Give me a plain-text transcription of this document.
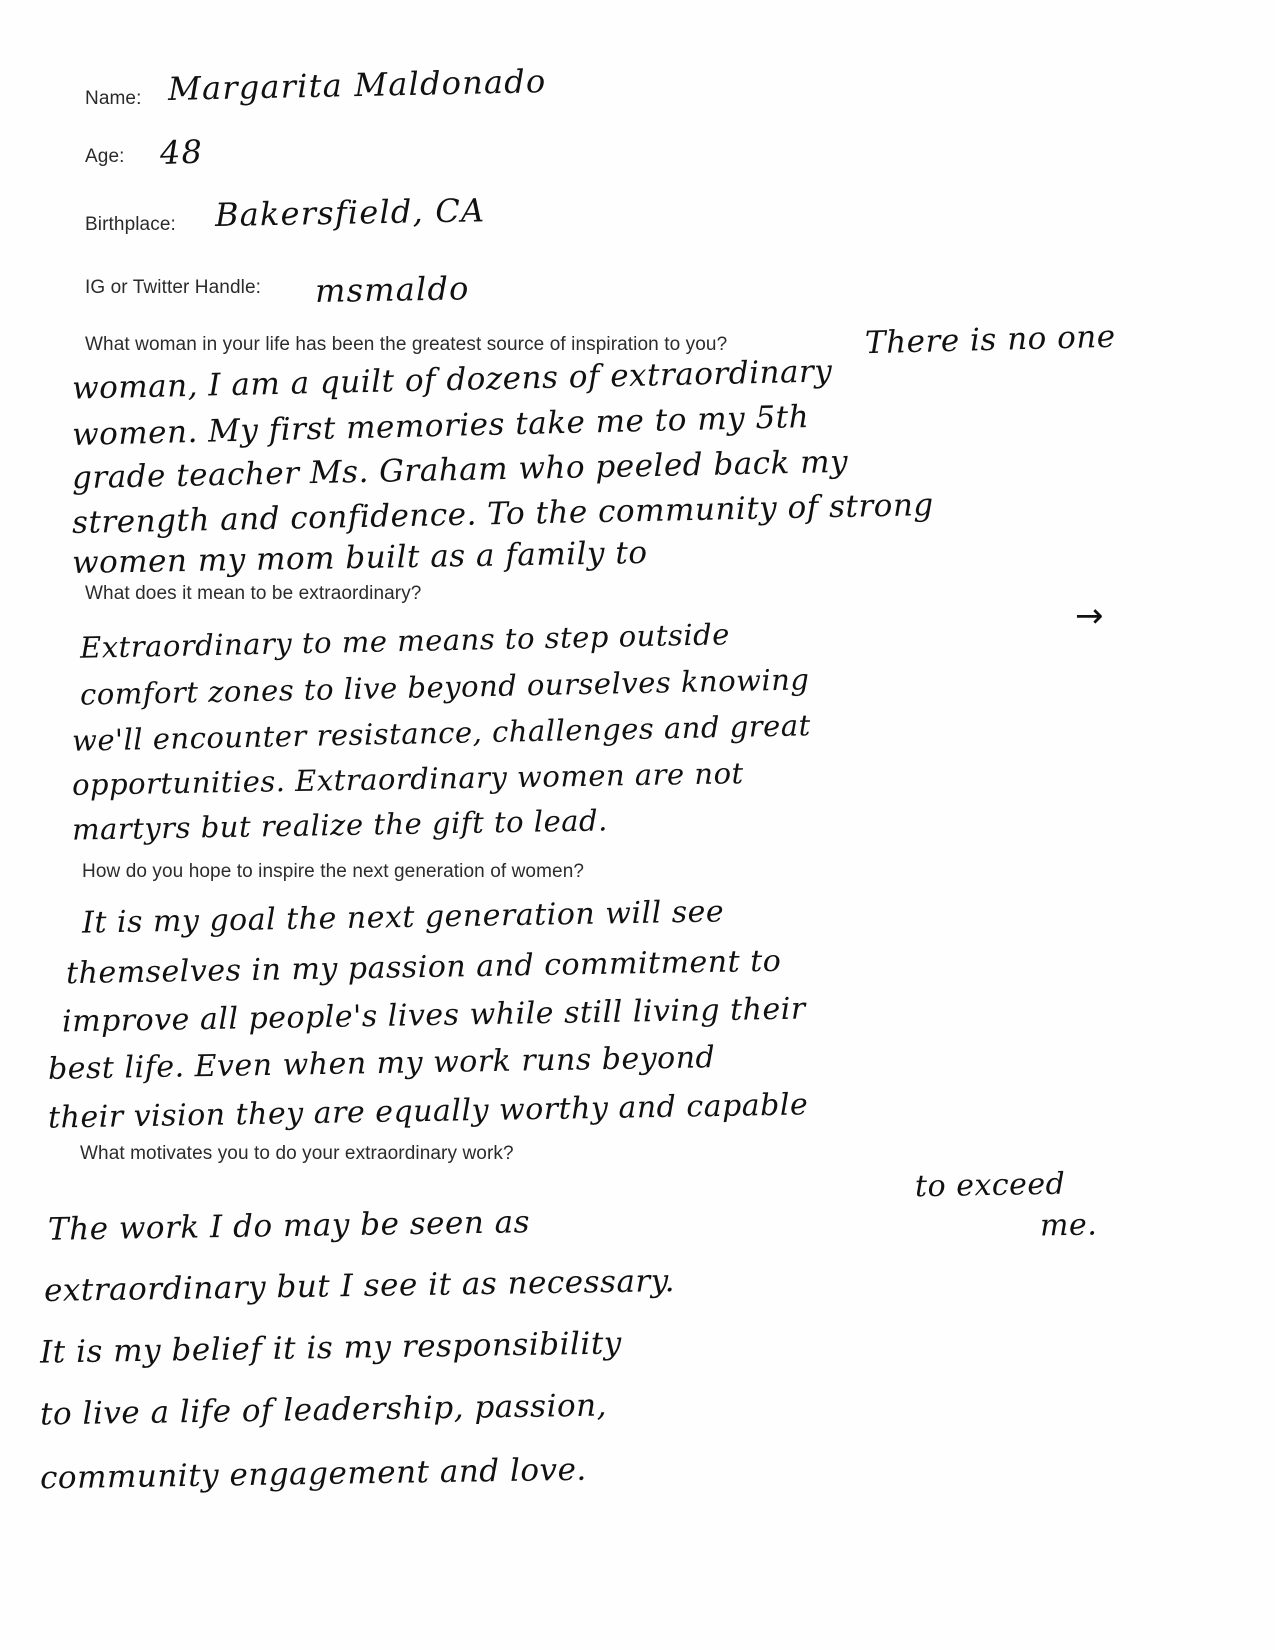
Name: Margarita Maldonado
Age: 48
Birthplace: Bakersfield, CA
IG or Twitter Handle: msmaldo
What woman in your life has been the greatest source of inspiration to you?	There is no one
woman, I am a quilt of dozens of extraordinary
women. My first memories take me to my 5th
grade teacher Ms. Graham who peeled back my
strength and confidence. To the community of strong
women my mom built as a family to
→
What does it mean to be extraordinary?
Extraordinary to me means to step outside
comfort zones to live beyond ourselves knowing
we'll encounter resistance, challenges and great
opportunities. Extraordinary women are not
martyrs but realize the gift to lead.
How do you hope to inspire the next generation of women?
It is my goal the next generation will see
themselves in my passion and commitment to
improve all people's lives while still living their
best life. Even when my work runs beyond
their vision they are equally worthy and capable
to exceed
me.
What motivates you to do your extraordinary work?
The work I do may be seen as
extraordinary but I see it as necessary.
It is my belief it is my responsibility
to live a life of leadership, passion,
community engagement and love.
